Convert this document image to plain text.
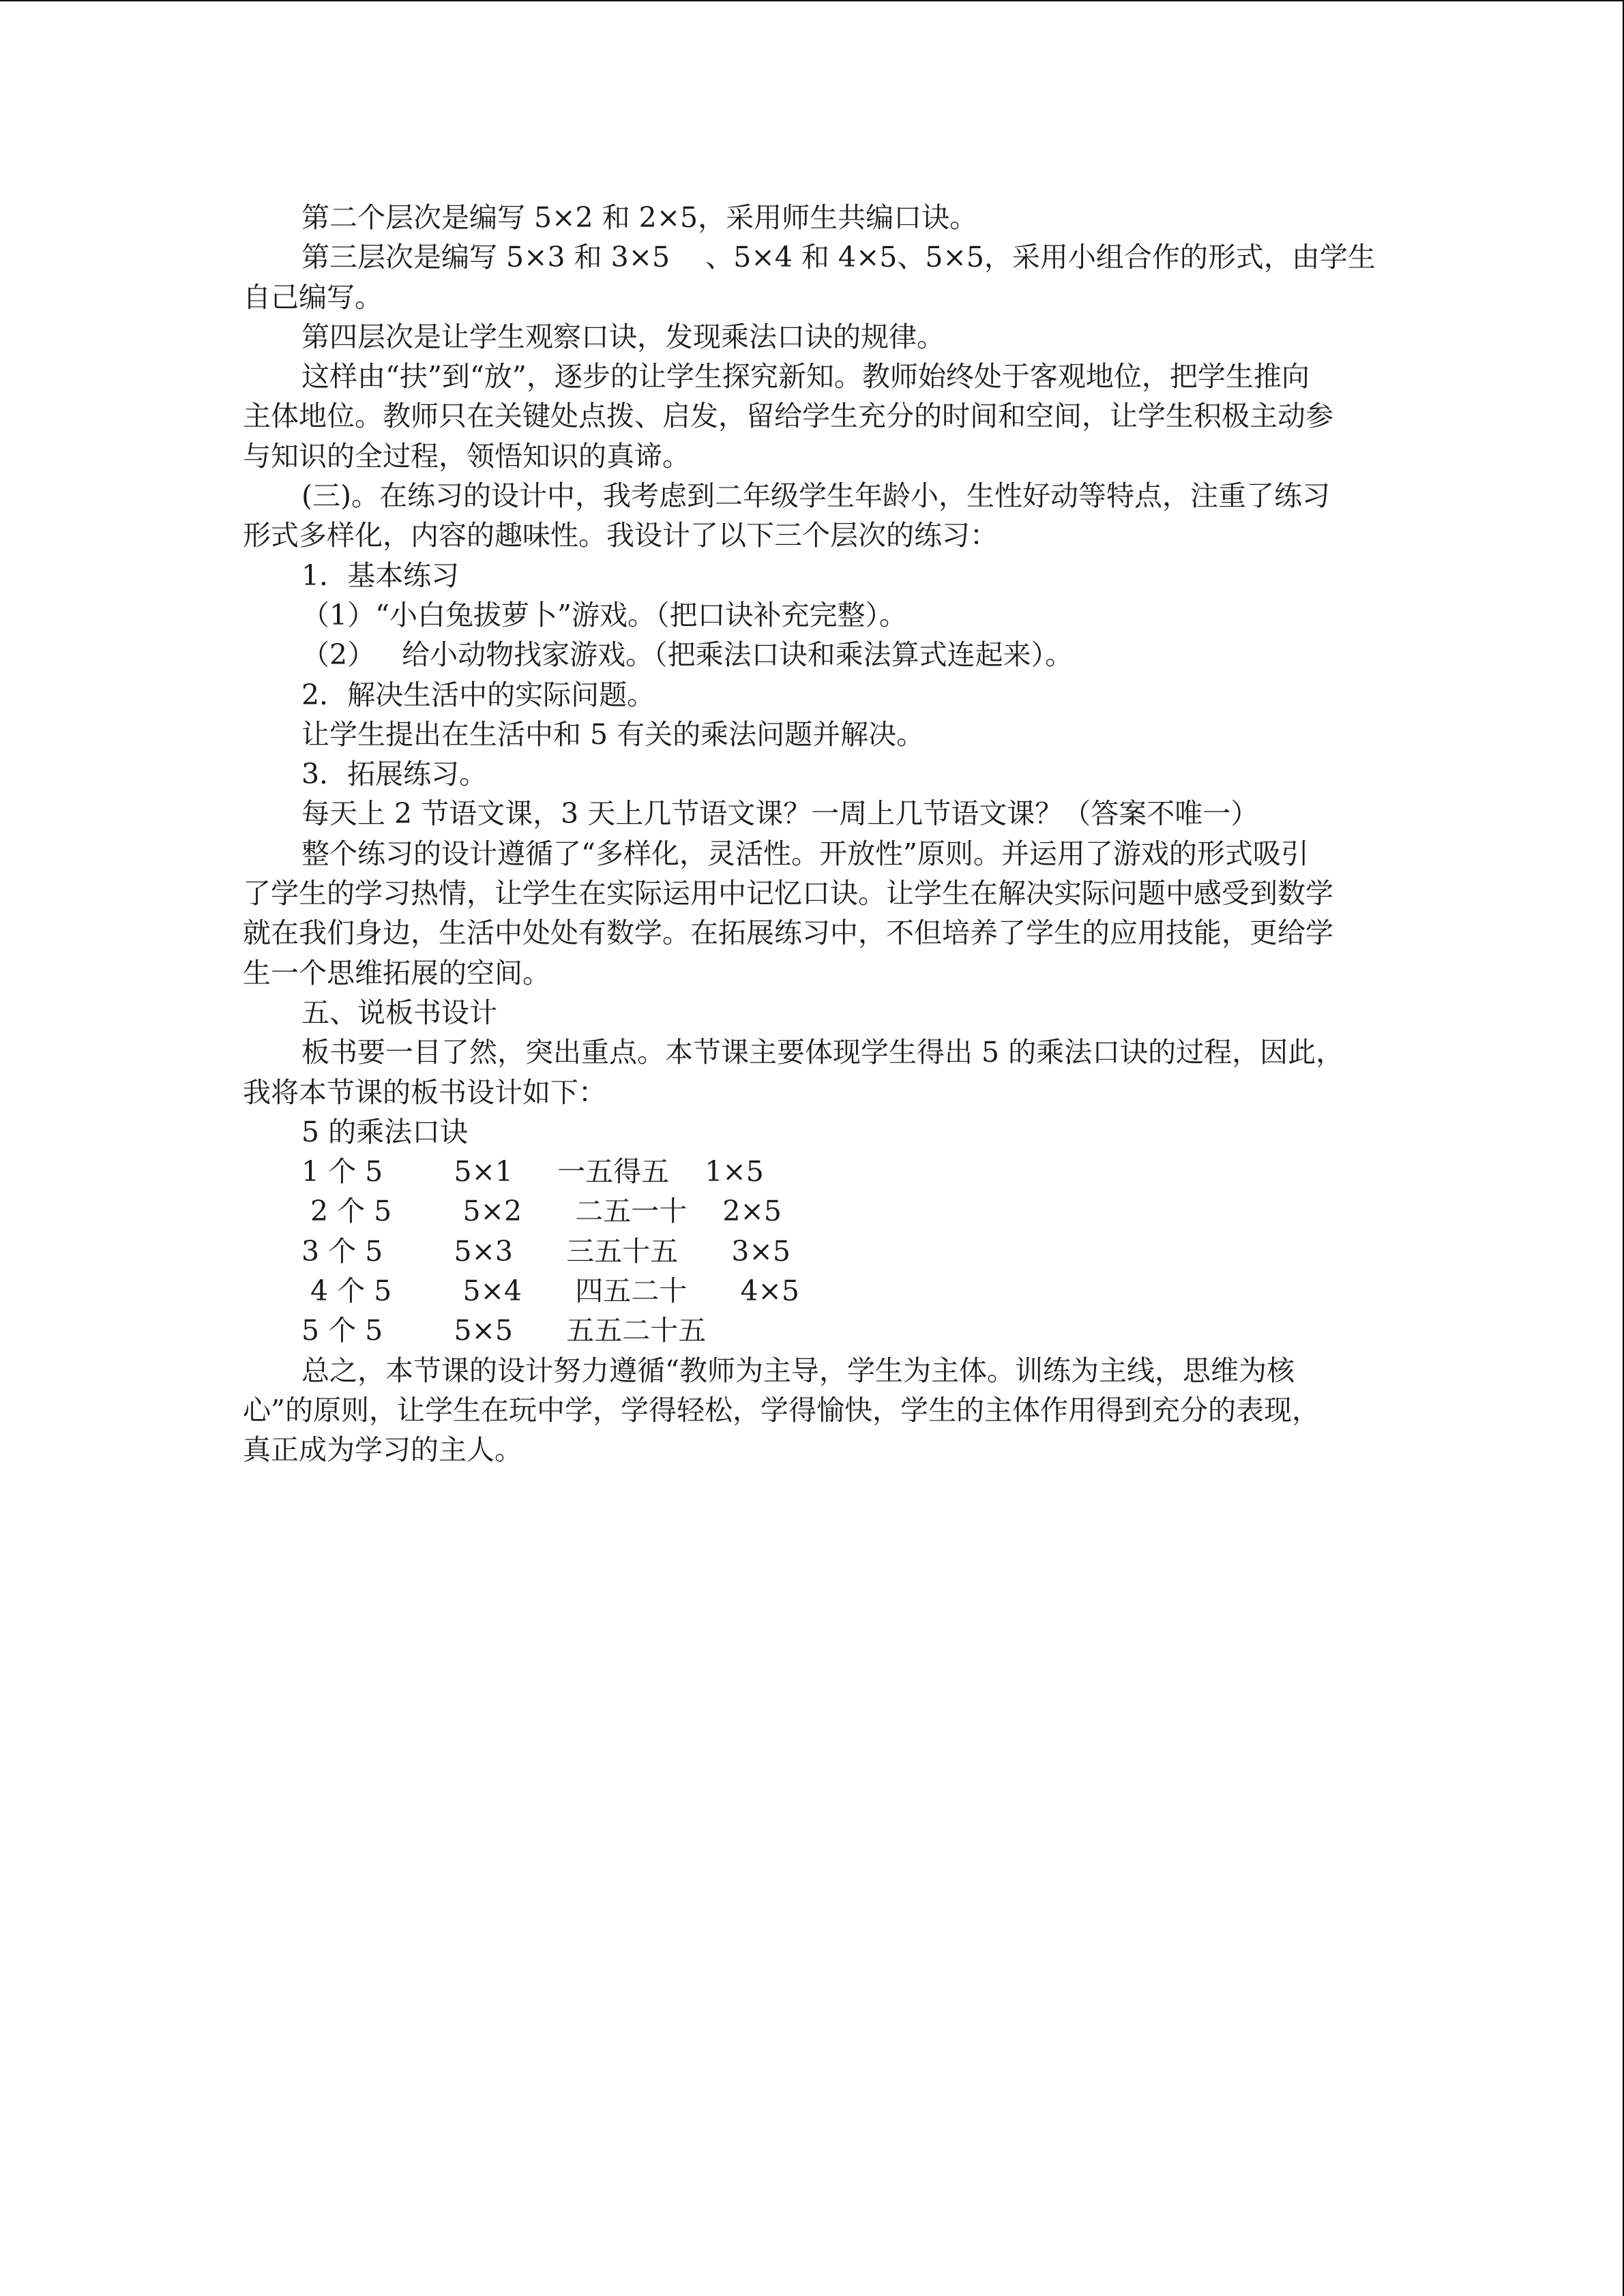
第二个层次是编写 5×2 和 2×5，采用师生共编口诀。

第三层次是编写 5×3 和 3×5    、5×4 和 4×5、5×5，采用小组合作的形式，由学生

自己编写。

第四层次是让学生观察口诀，发现乘法口诀的规律。

这样由“扶”到“放”，逐步的让学生探究新知。教师始终处于客观地位，把学生推向

主体地位。教师只在关键处点拨、启发，留给学生充分的时间和空间，让学生积极主动参

与知识的全过程，领悟知识的真谛。

(三)。在练习的设计中，我考虑到二年级学生年龄小，生性好动等特点，注重了练习

形式多样化，内容的趣味性。我设计了以下三个层次的练习：

1．基本练习

（1）“小白兔拔萝卜”游戏。（把口诀补充完整）。

（2）   给小动物找家游戏。（把乘法口诀和乘法算式连起来）。

2．解决生活中的实际问题。

让学生提出在生活中和 5 有关的乘法问题并解决。

3．拓展练习。

每天上 2 节语文课，3 天上几节语文课？一周上几节语文课？（答案不唯一）

整个练习的设计遵循了“多样化，灵活性。开放性”原则。并运用了游戏的形式吸引

了学生的学习热情，让学生在实际运用中记忆口诀。让学生在解决实际问题中感受到数学

就在我们身边，生活中处处有数学。在拓展练习中，不但培养了学生的应用技能，更给学

生一个思维拓展的空间。

五、说板书设计

板书要一目了然，突出重点。本节课主要体现学生得出 5 的乘法口诀的过程，因此，

我将本节课的板书设计如下：

5 的乘法口诀

1 个 5        5×1     一五得五    1×5

2 个 5        5×2      二五一十    2×5

3 个 5        5×3      三五十五      3×5

4 个 5        5×4      四五二十      4×5

5 个 5        5×5      五五二十五

总之，本节课的设计努力遵循“教师为主导，学生为主体。训练为主线，思维为核

心”的原则，让学生在玩中学，学得轻松，学得愉快，学生的主体作用得到充分的表现，

真正成为学习的主人。
